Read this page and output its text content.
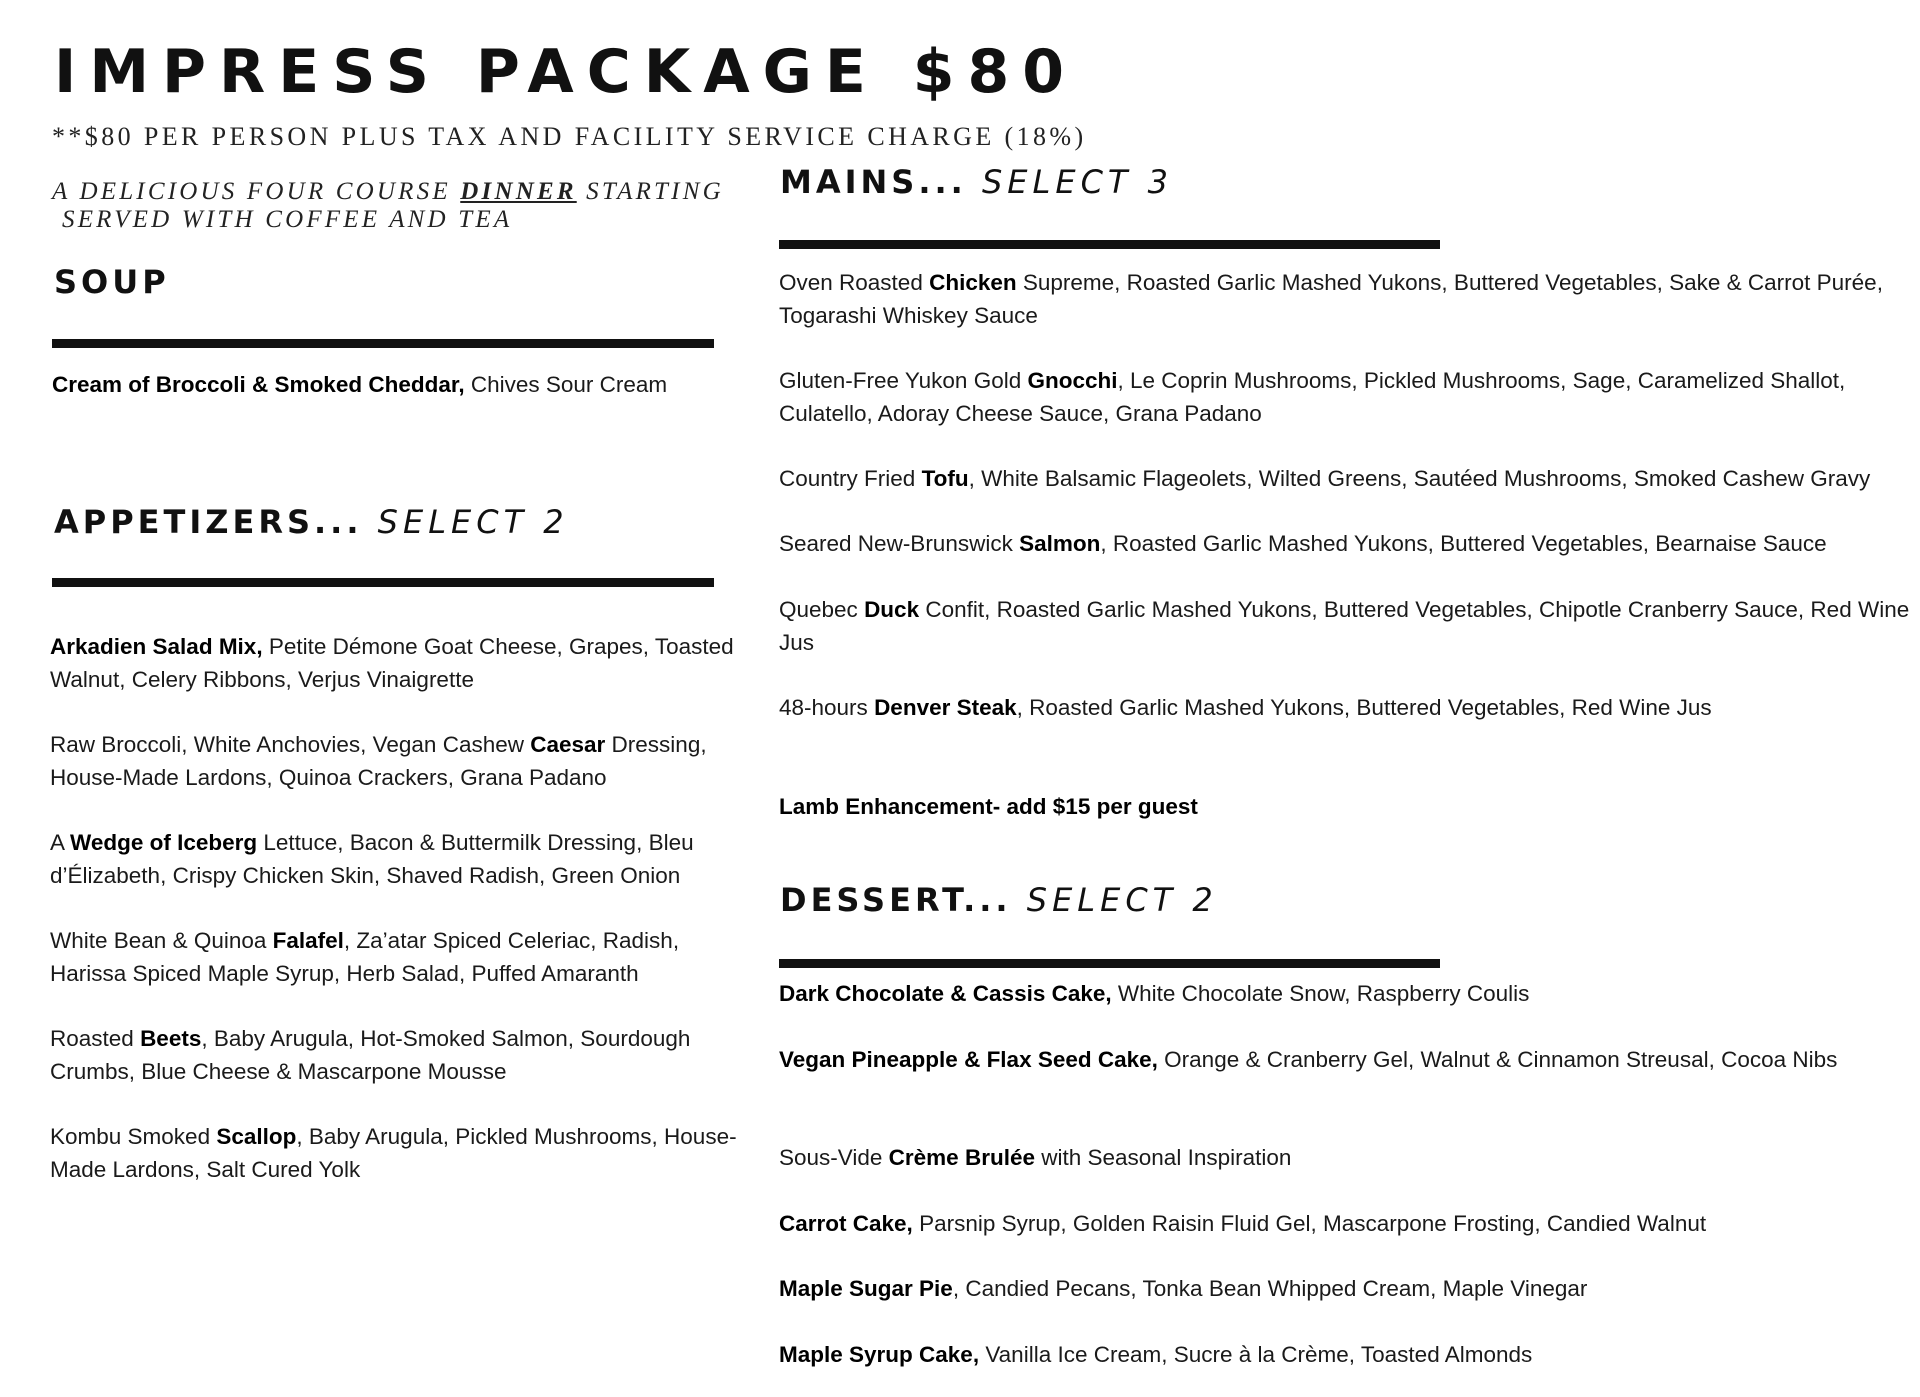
IMPRESS PACKAGE $80
**$80 PER PERSON PLUS TAX AND FACILITY SERVICE CHARGE (18%)
A DELICIOUS FOUR COURSE DINNER STARTING
SERVED WITH COFFEE AND TEA
SOUP
Cream of Broccoli & Smoked Cheddar, Chives Sour Cream
APPETIZERS... SELECT 2
Arkadien Salad Mix, Petite Démone Goat Cheese, Grapes, Toasted Walnut, Celery Ribbons, Verjus Vinaigrette
Raw Broccoli, White Anchovies, Vegan Cashew Caesar Dressing, House-Made Lardons, Quinoa Crackers, Grana Padano
A Wedge of Iceberg Lettuce, Bacon & Buttermilk Dressing, Bleu d’Élizabeth, Crispy Chicken Skin, Shaved Radish, Green Onion
White Bean & Quinoa Falafel, Za’atar Spiced Celeriac, Radish, Harissa Spiced Maple Syrup, Herb Salad, Puffed Amaranth
Roasted Beets, Baby Arugula, Hot-Smoked Salmon, Sourdough Crumbs, Blue Cheese & Mascarpone Mousse
Kombu Smoked Scallop, Baby Arugula, Pickled Mushrooms, House-Made Lardons, Salt Cured Yolk
MAINS... SELECT 3
Oven Roasted Chicken Supreme, Roasted Garlic Mashed Yukons, Buttered Vegetables, Sake & Carrot Purée, Togarashi Whiskey Sauce
Gluten-Free Yukon Gold Gnocchi, Le Coprin Mushrooms, Pickled Mushrooms, Sage, Caramelized Shallot, Culatello, Adoray Cheese Sauce, Grana Padano
Country Fried Tofu, White Balsamic Flageolets, Wilted Greens, Sautéed Mushrooms, Smoked Cashew Gravy
Seared New-Brunswick Salmon, Roasted Garlic Mashed Yukons, Buttered Vegetables, Bearnaise Sauce
Quebec Duck Confit, Roasted Garlic Mashed Yukons, Buttered Vegetables, Chipotle Cranberry Sauce, Red Wine Jus
48-hours Denver Steak, Roasted Garlic Mashed Yukons, Buttered Vegetables, Red Wine Jus
Lamb Enhancement- add $15 per guest
DESSERT... SELECT 2
Dark Chocolate & Cassis Cake, White Chocolate Snow, Raspberry Coulis
Vegan Pineapple & Flax Seed Cake, Orange & Cranberry Gel, Walnut & Cinnamon Streusal, Cocoa Nibs
Sous-Vide Crème Brulée with Seasonal Inspiration
Carrot Cake, Parsnip Syrup, Golden Raisin Fluid Gel, Mascarpone Frosting, Candied Walnut
Maple Sugar Pie, Candied Pecans, Tonka Bean Whipped Cream, Maple Vinegar
Maple Syrup Cake, Vanilla Ice Cream, Sucre à la Crème, Toasted Almonds
